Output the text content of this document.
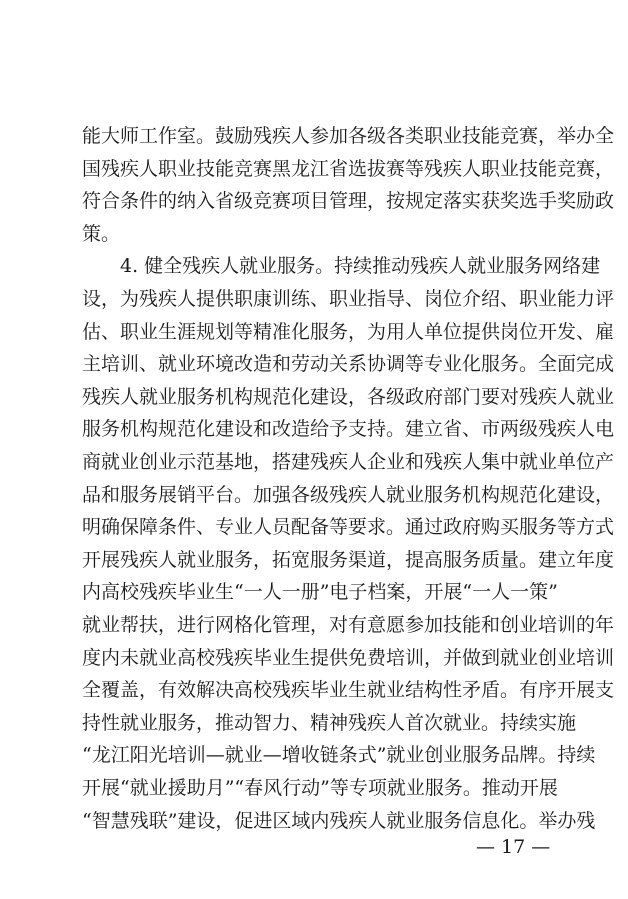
能大师工作室。鼓励残疾人参加各级各类职业技能竞赛，举办全
国残疾人职业技能竞赛黑龙江省选拔赛等残疾人职业技能竞赛，
符合条件的纳入省级竞赛项目管理，按规定落实获奖选手奖励政
策。
4. 健全残疾人就业服务。持续推动残疾人就业服务网络建
设，为残疾人提供职康训练、职业指导、岗位介绍、职业能力评
估、职业生涯规划等精准化服务，为用人单位提供岗位开发、雇
主培训、就业环境改造和劳动关系协调等专业化服务。全面完成
残疾人就业服务机构规范化建设，各级政府部门要对残疾人就业
服务机构规范化建设和改造给予支持。建立省、市两级残疾人电
商就业创业示范基地，搭建残疾人企业和残疾人集中就业单位产
品和服务展销平台。加强各级残疾人就业服务机构规范化建设，
明确保障条件、专业人员配备等要求。通过政府购买服务等方式
开展残疾人就业服务，拓宽服务渠道，提高服务质量。建立年度
内高校残疾毕业生“一人一册”电子档案，开展“一人一策”
就业帮扶，进行网格化管理，对有意愿参加技能和创业培训的年
度内未就业高校残疾毕业生提供免费培训，并做到就业创业培训
全覆盖，有效解决高校残疾毕业生就业结构性矛盾。有序开展支
持性就业服务，推动智力、精神残疾人首次就业。持续实施
“龙江阳光培训—就业—增收链条式”就业创业服务品牌。持续
开展“就业援助月”“春风行动”等专项就业服务。推动开展
“智慧残联”建设，促进区域内残疾人就业服务信息化。举办残
— 17 —
